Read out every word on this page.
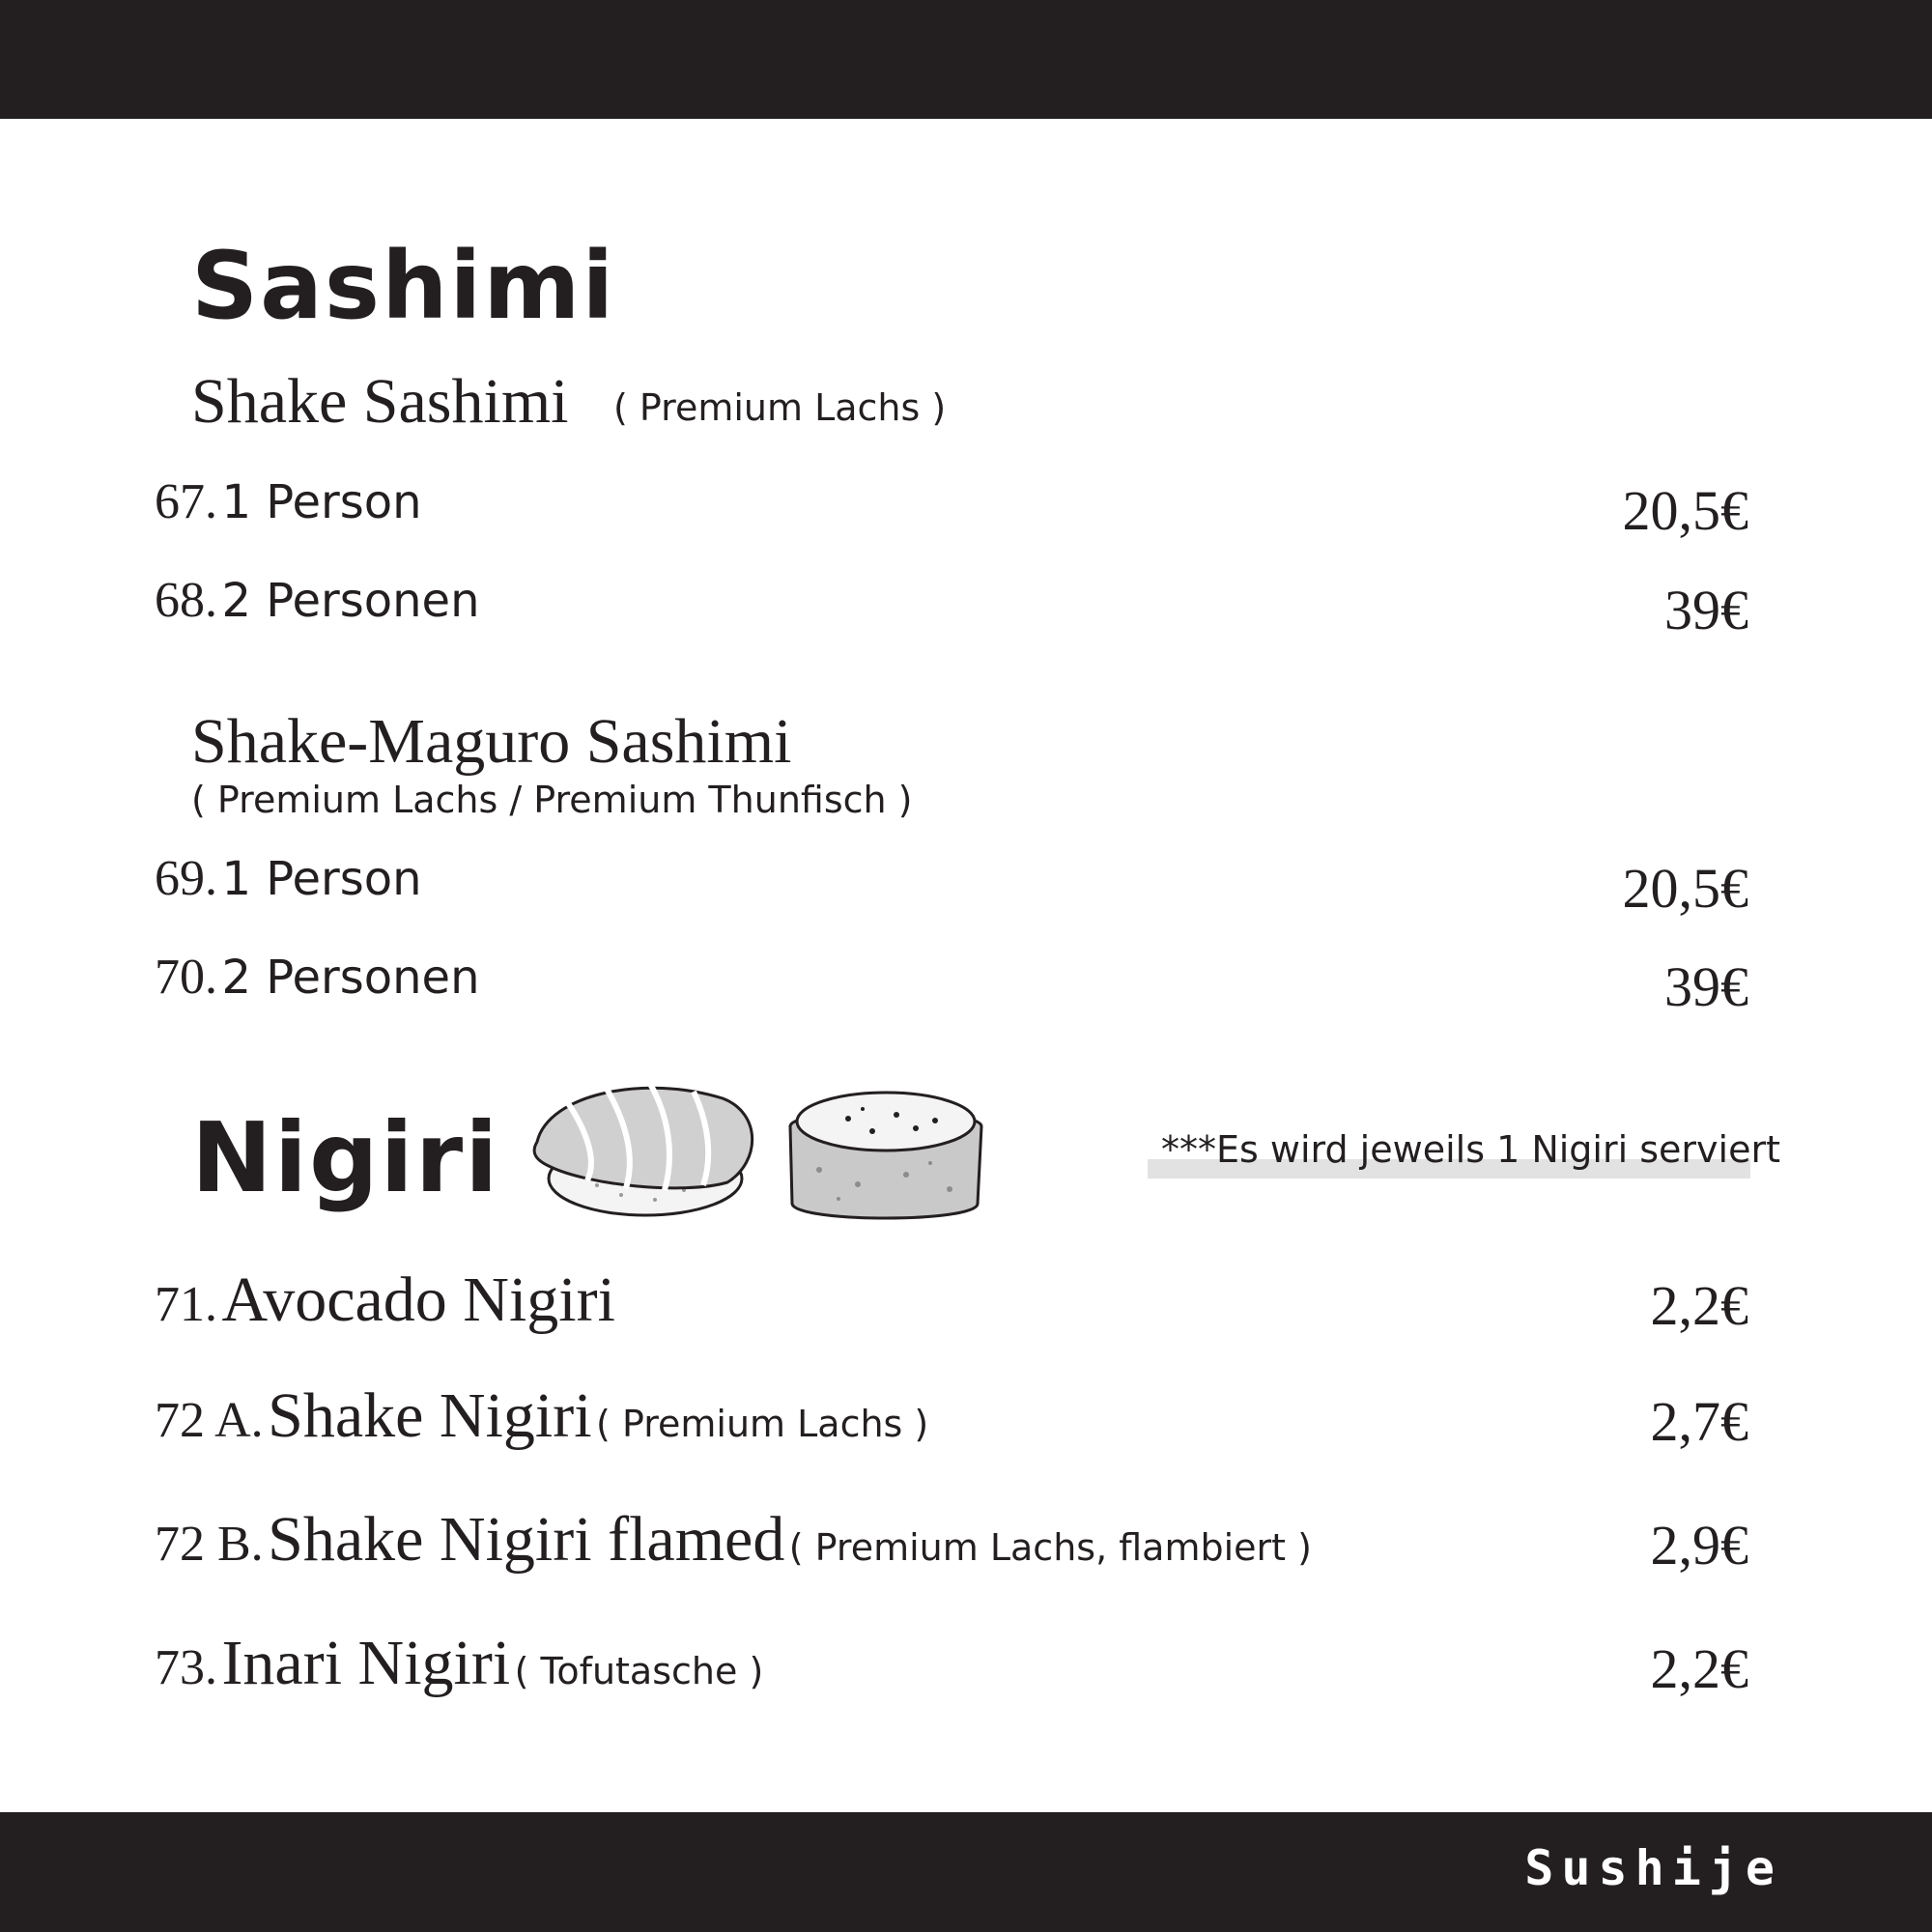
Sashimi
Shake Sashimi ( Premium Lachs )
67. 1 Person	20,5€
68. 2 Personen	39€
Shake-Maguro Sashimi
( Premium Lachs / Premium Thunfisch )
69. 1 Person	20,5€
70. 2 Personen	39€
Nigiri	***Es wird jeweils 1 Nigiri serviert
71. Avocado Nigiri	2,2€
72 A. Shake Nigiri ( Premium Lachs )	2,7€
72 B. Shake Nigiri flamed ( Premium Lachs, flambiert )	2,9€
73. Inari Nigiri ( Tofutasche )	2,2€
Sushije
